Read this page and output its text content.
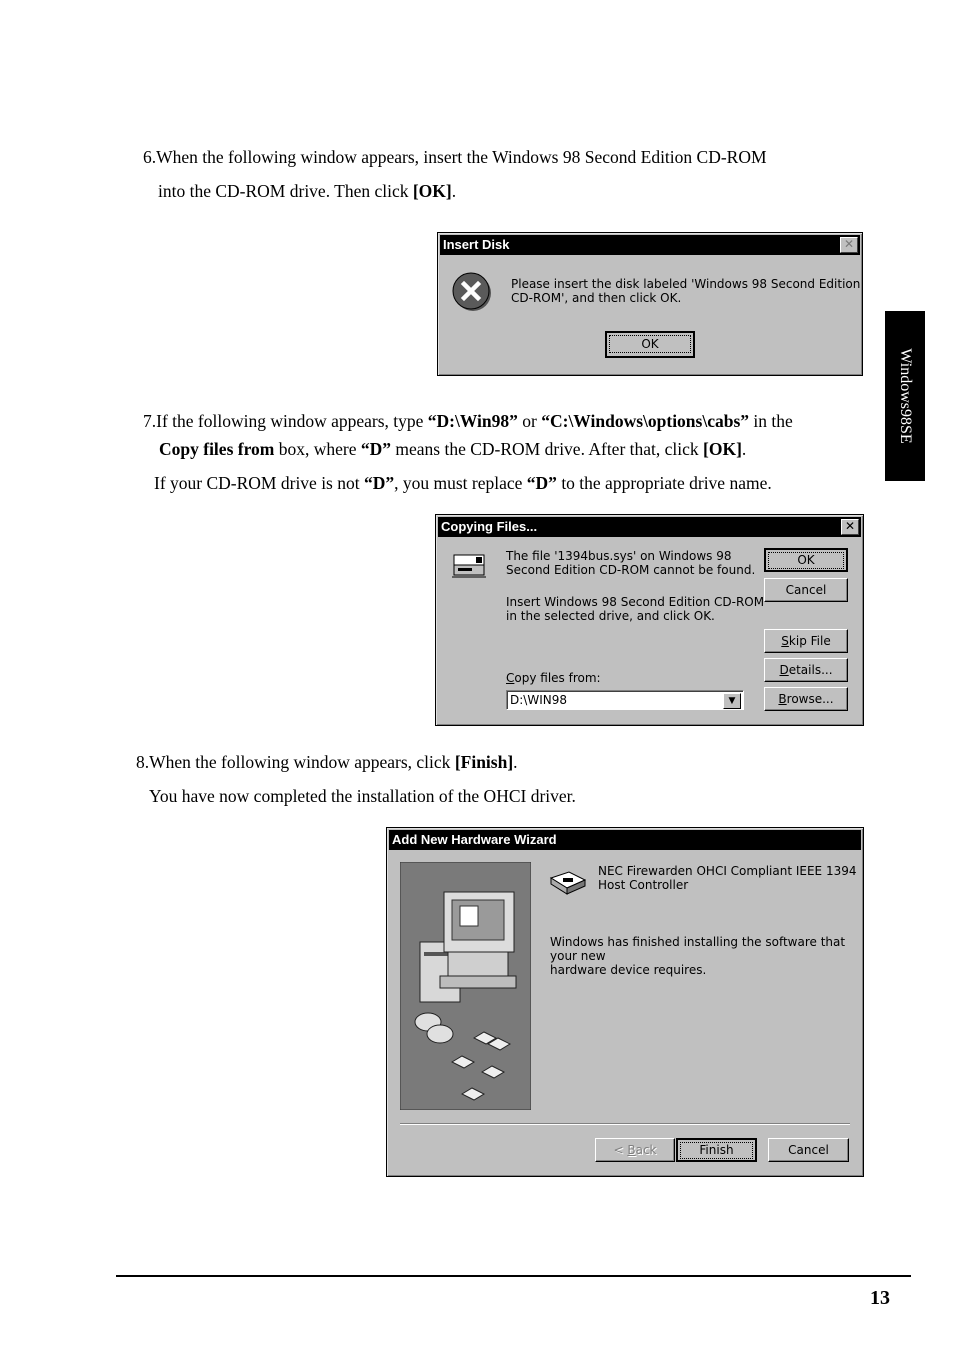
6.When the following window appears, insert the Windows 98 Second Edition CD-ROM

into the CD-ROM drive. Then click [OK].

Insert Disk	✕
Please insert the disk labeled 'Windows 98 Second Edition
CD-ROM', and then click OK.
OK

7.If the following window appears, type “D:\Win98” or “C:\Windows\options\cabs” in the

Copy files from box, where “D” means the CD-ROM drive. After that, click [OK].

If your CD-ROM drive is not “D”, you must replace “D” to the appropriate drive name.

Copying Files...	✕
The file '1394bus.sys' on Windows 98
Second Edition CD-ROM cannot be found.
Insert Windows 98 Second Edition CD-ROM
in the selected drive, and click OK.
Copy files from:
D:\WIN98	▼
OK
Cancel
Skip File
Details...
Browse...

8.When the following window appears, click [Finish].

You have now completed the installation of the OHCI driver.

Add New Hardware Wizard
NEC Firewarden OHCI Compliant IEEE 1394
Host Controller
Windows has finished installing the software that your new
hardware device requires.
< Back	Finish	Cancel
Windows98SE
13
